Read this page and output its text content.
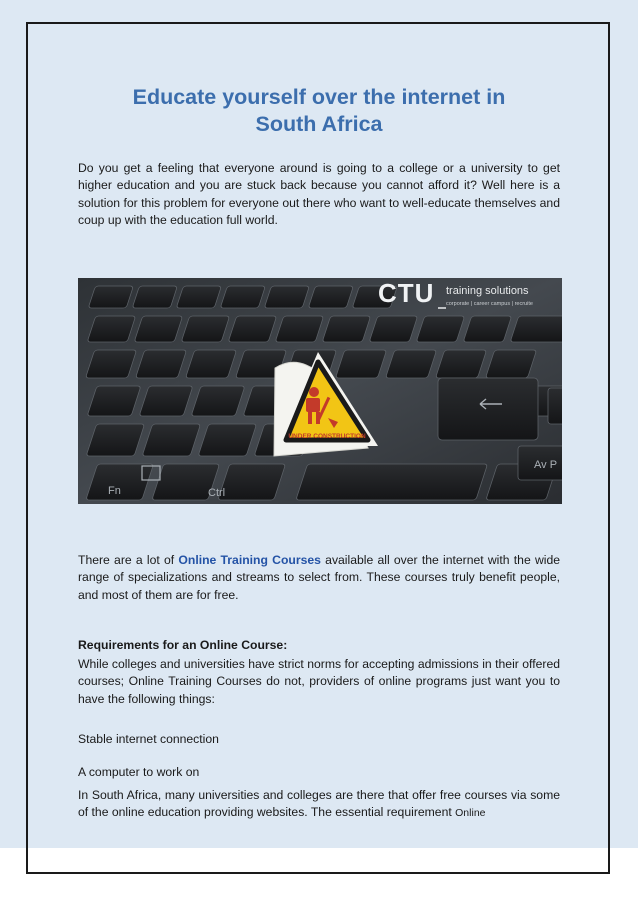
Educate yourself over the internet in
South Africa

Do you get a feeling that everyone around is going to a college or a university to get higher education and you are stuck back because you cannot afford it? Well here is a solution for this problem for everyone out there who want to well-educate themselves and coup up with the education full world.

Ctrl
Av P
Fn
CTU training solutions
corporate | career campus | recruite
UNDER CONSTRUCTION

There are a lot of Online Training Courses available all over the internet with the wide range of specializations and streams to select from. These courses truly benefit people, and most of them are for free.

Requirements for an Online Course:

While colleges and universities have strict norms for accepting admissions in their offered courses; Online Training Courses do not, providers of online programs just want you to have the following things:

Stable internet connection

A computer to work on

In South Africa, many universities and colleges are there that offer free courses via some of the online education providing websites. The essential requirement Online
